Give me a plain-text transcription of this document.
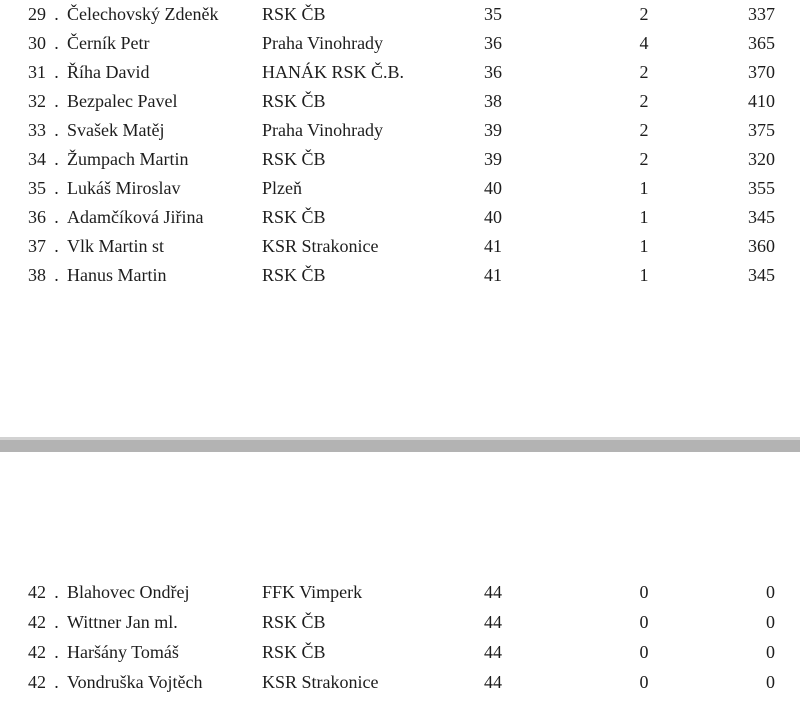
29 . Čelechovský Zdeněk	RSK ČB	35	2	337
30 . Černík Petr	Praha Vinohrady	36	4	365
31 . Říha David	HANÁK RSK Č.B.	36	2	370
32 . Bezpalec Pavel	RSK ČB	38	2	410
33 . Svašek Matěj	Praha Vinohrady	39	2	375
34 . Žumpach Martin	RSK ČB	39	2	320
35 . Lukáš Miroslav	Plzeň	40	1	355
36 . Adamčíková Jiřina	RSK ČB	40	1	345
37 . Vlk Martin st	KSR Strakonice	41	1	360
38 . Hanus Martin	RSK ČB	41	1	345
42 . Blahovec Ondřej	FFK Vimperk	44	0	0
42 . Wittner Jan ml.	RSK ČB	44	0	0
42 . Haršány Tomáš	RSK ČB	44	0	0
42 . Vondruška Vojtěch	KSR Strakonice	44	0	0
